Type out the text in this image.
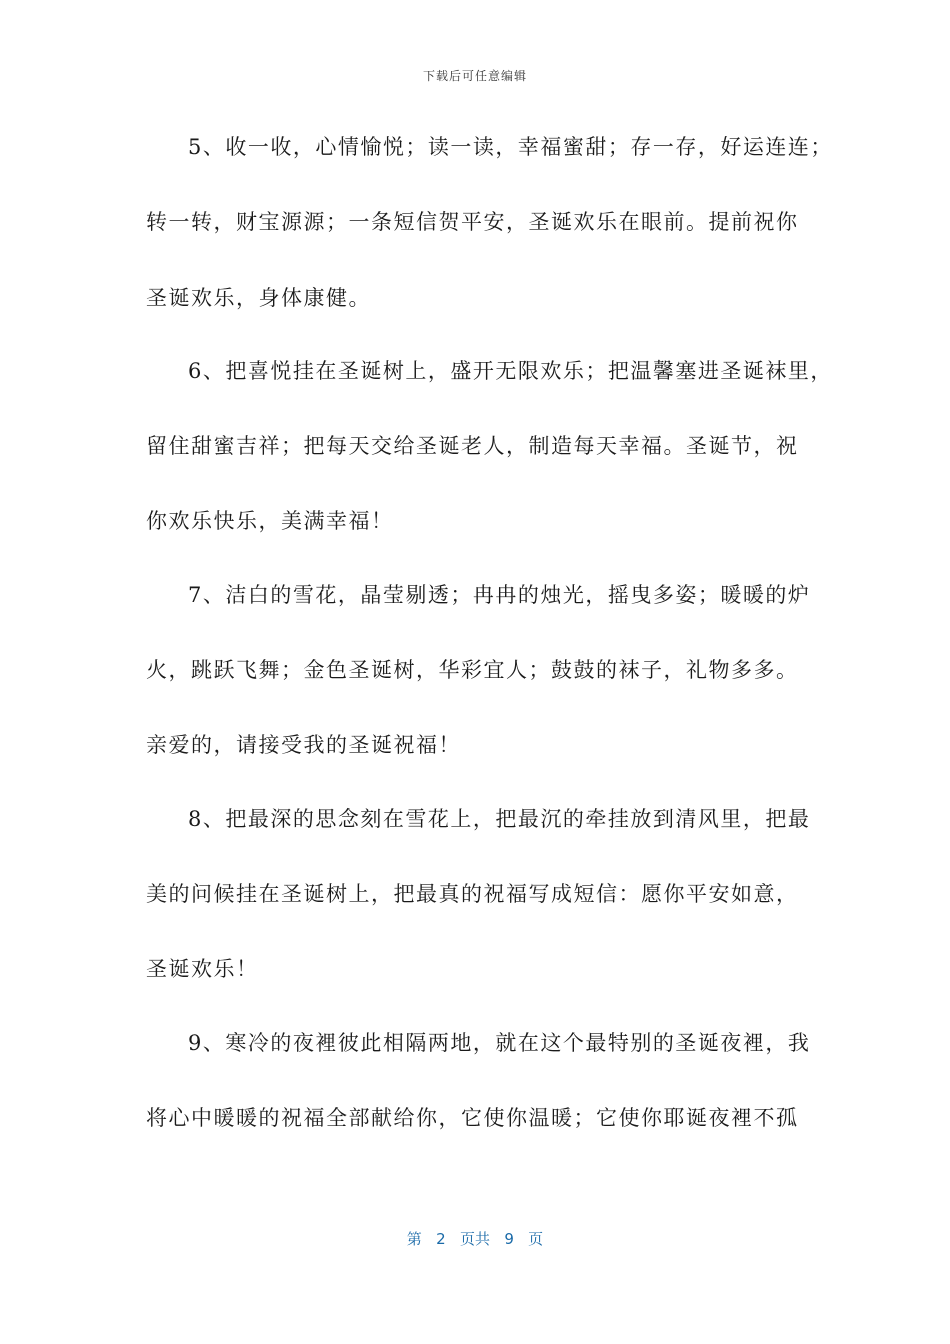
下载后可任意编辑
5、收一收，心情愉悦；读一读，幸福蜜甜；存一存，好运连连；
转一转，财宝源源；一条短信贺平安，圣诞欢乐在眼前。提前祝你
圣诞欢乐，身体康健。
6、把喜悦挂在圣诞树上，盛开无限欢乐；把温馨塞进圣诞袜里，
留住甜蜜吉祥；把每天交给圣诞老人，制造每天幸福。圣诞节，祝
你欢乐快乐，美满幸福！
7、洁白的雪花，晶莹剔透；冉冉的烛光，摇曳多姿；暖暖的炉
火，跳跃飞舞；金色圣诞树，华彩宜人；鼓鼓的袜子，礼物多多。
亲爱的，请接受我的圣诞祝福！
8、把最深的思念刻在雪花上，把最沉的牵挂放到清风里，把最
美的问候挂在圣诞树上，把最真的祝福写成短信：愿你平安如意，
圣诞欢乐！
9、寒冷的夜裡彼此相隔两地，就在这个最特别的圣诞夜裡，我
将心中暖暖的祝福全部献给你，它使你温暖；它使你耶诞夜裡不孤
第 2 页共 9 页
